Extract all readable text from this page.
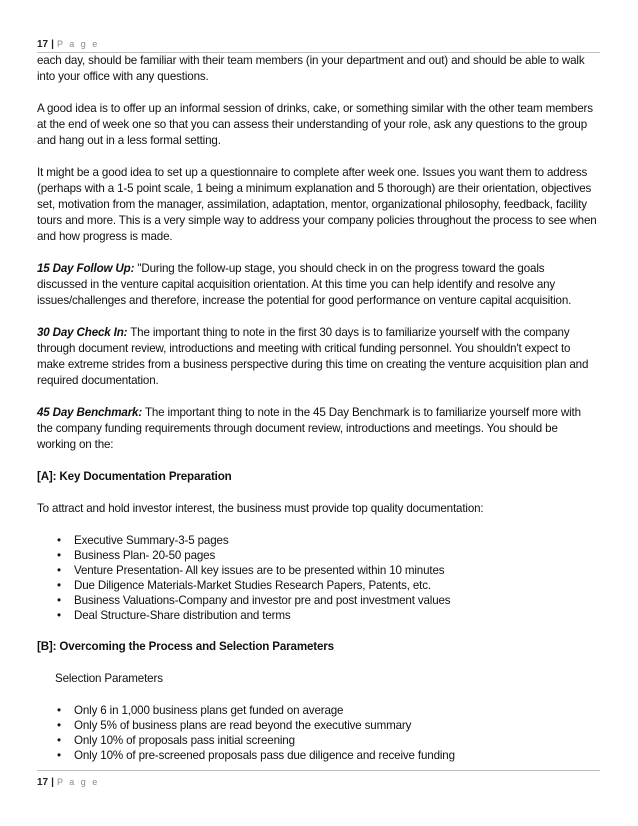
17 | P a g e

each day, should be familiar with their team members (in your department and out) and should be able to walk into your office with any questions.

A good idea is to offer up an informal session of drinks, cake, or something similar with the other team members at the end of week one so that you can assess their understanding of your role, ask any questions to the group and hang out in a less formal setting.

It might be a good idea to set up a questionnaire to complete after week one. Issues you want them to address (perhaps with a 1-5 point scale, 1 being a minimum explanation and 5 thorough) are their orientation, objectives set, motivation from the manager, assimilation, adaptation, mentor, organizational philosophy, feedback, facility tours and more. This is a very simple way to address your company policies throughout the process to see when and how progress is made.

15 Day Follow Up: "During the follow-up stage, you should check in on the progress toward the goals discussed in the venture capital acquisition orientation. At this time you can help identify and resolve any issues/challenges and therefore, increase the potential for good performance on venture capital acquisition.

30 Day Check In: The important thing to note in the first 30 days is to familiarize yourself with the company through document review, introductions and meeting with critical funding personnel. You shouldn't expect to make extreme strides from a business perspective during this time on creating the venture acquisition plan and required documentation.

45 Day Benchmark: The important thing to note in the 45 Day Benchmark is to familiarize yourself more with the company funding requirements through document review, introductions and meetings. You should be working on the:

[A]: Key Documentation Preparation

To attract and hold investor interest, the business must provide top quality documentation:

• Executive Summary-3-5 pages
• Business Plan- 20-50 pages
• Venture Presentation- All key issues are to be presented within 10 minutes
• Due Diligence Materials-Market Studies Research Papers, Patents, etc.
• Business Valuations-Company and investor pre and post investment values
• Deal Structure-Share distribution and terms

[B]: Overcoming the Process and Selection Parameters

Selection Parameters

• Only 6 in 1,000 business plans get funded on average
• Only 5% of business plans are read beyond the executive summary
• Only 10% of proposals pass initial screening
• Only 10% of pre-screened proposals pass due diligence and receive funding
17 | P a g e
